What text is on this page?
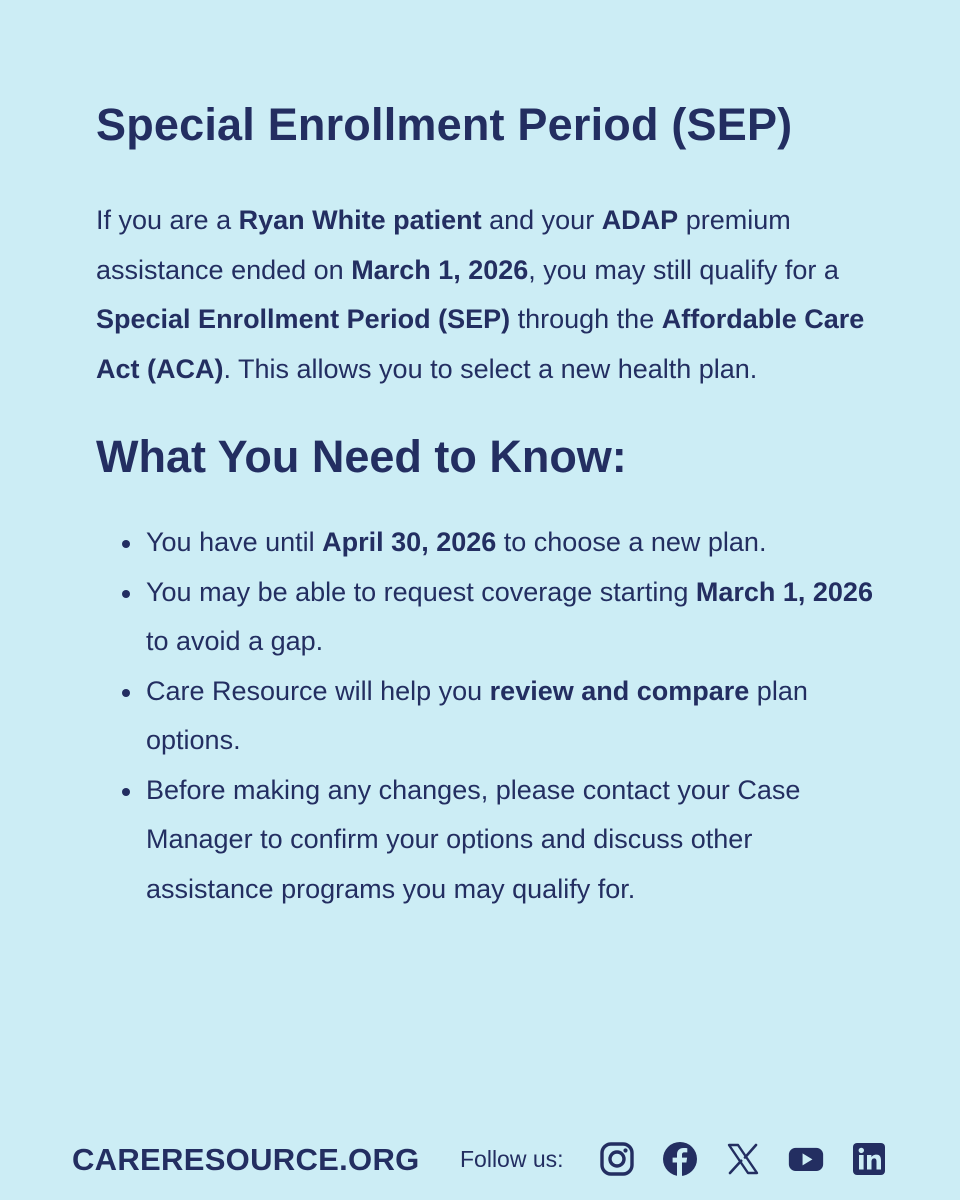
Special Enrollment Period (SEP)

If you are a Ryan White patient and your ADAP premium assistance ended on March 1, 2026, you may still qualify for a Special Enrollment Period (SEP) through the Affordable Care Act (ACA). This allows you to select a new health plan.

What You Need to Know:
You have until April 30, 2026 to choose a new plan.
You may be able to request coverage starting March 1, 2026 to avoid a gap.
Care Resource will help you review and compare plan options.
Before making any changes, please contact your Case Manager to confirm your options and discuss other assistance programs you may qualify for.
CARERESOURCE.ORG Follow us:
